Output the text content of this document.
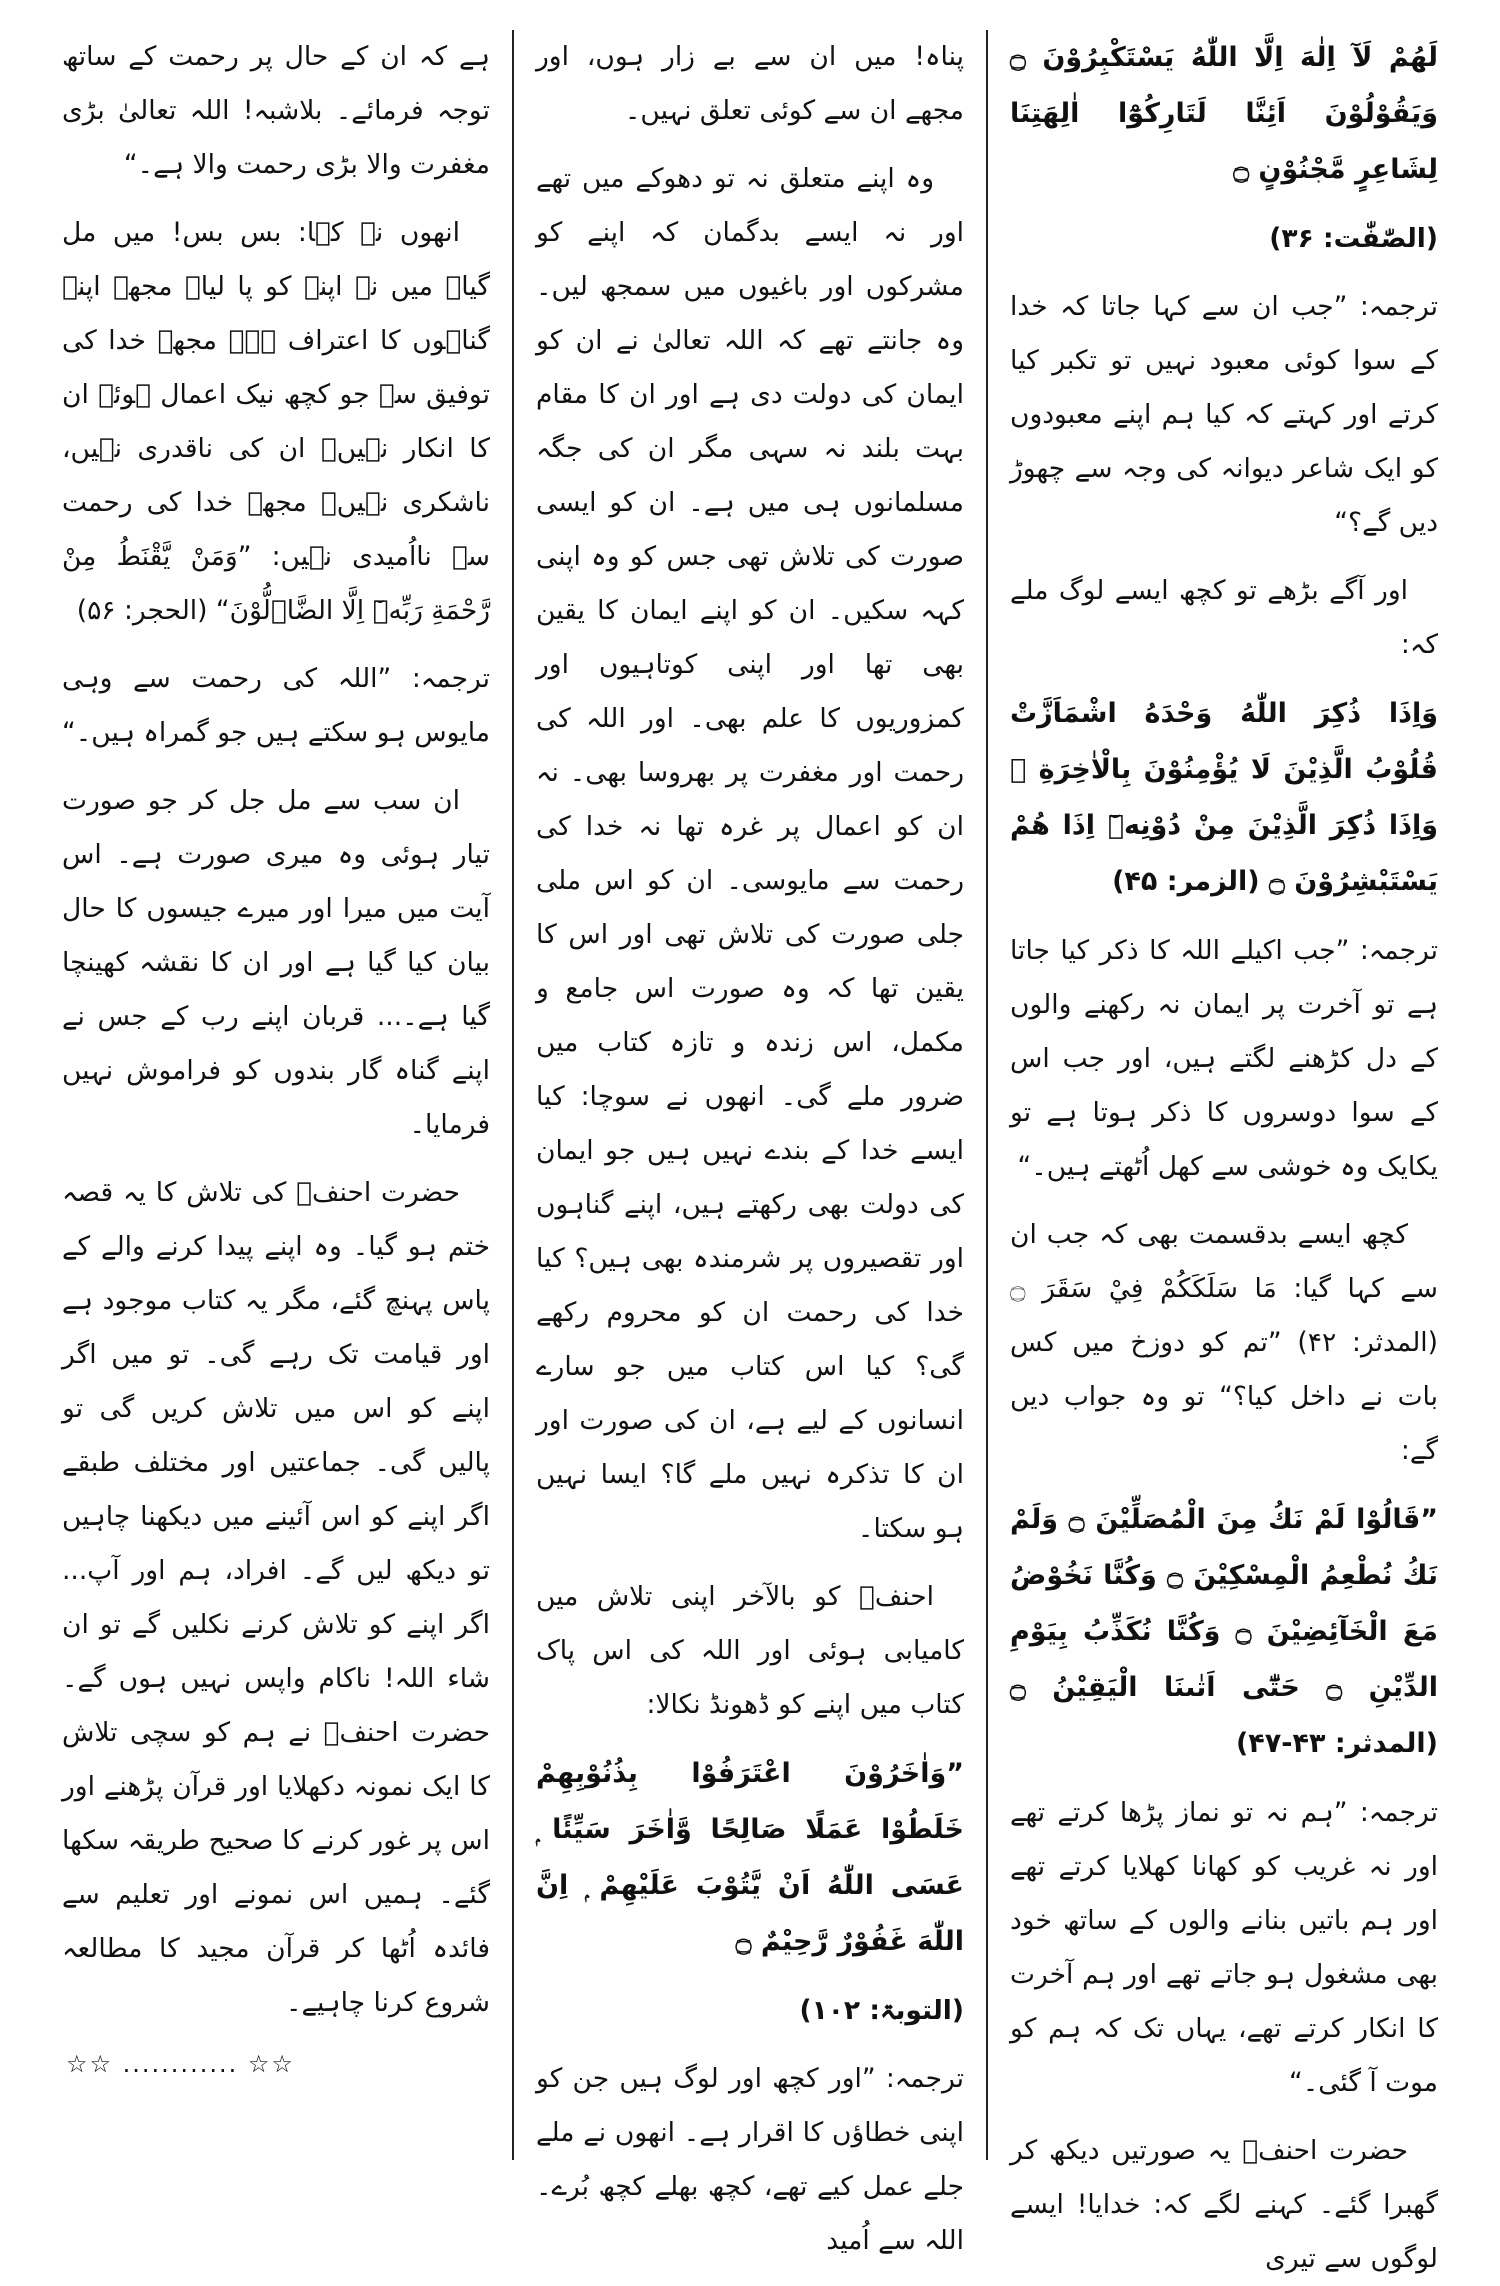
لَهُمْ لَآ اِلٰهَ اِلَّا اللّٰهُ يَسْتَكْبِرُوْنَ ۝ وَيَقُوْلُوْنَ اَئِنَّا لَتَارِكُوْٓا اٰلِهَتِنَا لِشَاعِرٍ مَّجْنُوْنٍ ۝

(الصّٰفّٰت: ۳۶)

ترجمہ: ”جب ان سے کہا جاتا کہ خدا کے سوا کوئی معبود نہیں تو تکبر کیا کرتے اور کہتے کہ کیا ہم اپنے معبودوں کو ایک شاعر دیوانہ کی وجہ سے چھوڑ دیں گے؟“

اور آگے بڑھے تو کچھ ایسے لوگ ملے کہ:

وَاِذَا ذُكِرَ اللّٰهُ وَحْدَهُ اشْمَاَزَّتْ قُلُوْبُ الَّذِيْنَ لَا يُؤْمِنُوْنَ بِالْاٰخِرَةِ ۚ وَاِذَا ذُكِرَ الَّذِيْنَ مِنْ دُوْنِهٖٓ اِذَا هُمْ يَسْتَبْشِرُوْنَ ۝ (الزمر: ۴۵)

ترجمہ: ”جب اکیلے اللہ کا ذکر کیا جاتا ہے تو آخرت پر ایمان نہ رکھنے والوں کے دل کڑھنے لگتے ہیں، اور جب اس کے سوا دوسروں کا ذکر ہوتا ہے تو یکایک وہ خوشی سے کھل اُٹھتے ہیں۔“

کچھ ایسے بدقسمت بھی کہ جب ان سے کہا گیا: مَا سَلَكَكُمْ فِيْ سَقَرَ ۝ (المدثر: ۴۲) ”تم کو دوزخ میں کس بات نے داخل کیا؟“ تو وہ جواب دیں گے:

”قَالُوْا لَمْ نَكُ مِنَ الْمُصَلِّيْنَ ۝ وَلَمْ نَكُ نُطْعِمُ الْمِسْكِيْنَ ۝ وَكُنَّا نَخُوْضُ مَعَ الْخَآئِضِيْنَ ۝ وَكُنَّا نُكَذِّبُ بِيَوْمِ الدِّيْنِ ۝ حَتّٰٓى اَتٰىنَا الْيَقِيْنُ ۝ (المدثر: ۴۳-۴۷)

ترجمہ: ”ہم نہ تو نماز پڑھا کرتے تھے اور نہ غریب کو کھانا کھلایا کرتے تھے اور ہم باتیں بنانے والوں کے ساتھ خود بھی مشغول ہو جاتے تھے اور ہم آخرت کا انکار کرتے تھے، یہاں تک کہ ہم کو موت آ گئی۔“

حضرت احنفؒ یہ صورتیں دیکھ کر گھبرا گئے۔ کہنے لگے کہ: خدایا! ایسے لوگوں سے تیری

پناہ! میں ان سے بے زار ہوں، اور مجھے ان سے کوئی تعلق نہیں۔

وہ اپنے متعلق نہ تو دھوکے میں تھے اور نہ ایسے بدگمان کہ اپنے کو مشرکوں اور باغیوں میں سمجھ لیں۔ وہ جانتے تھے کہ اللہ تعالیٰ نے ان کو ایمان کی دولت دی ہے اور ان کا مقام بہت بلند نہ سہی مگر ان کی جگہ مسلمانوں ہی میں ہے۔ ان کو ایسی صورت کی تلاش تھی جس کو وہ اپنی کہہ سکیں۔ ان کو اپنے ایمان کا یقین بھی تھا اور اپنی کوتاہیوں اور کمزوریوں کا علم بھی۔ اور اللہ کی رحمت اور مغفرت پر بھروسا بھی۔ نہ ان کو اعمال پر غرہ تھا نہ خدا کی رحمت سے مایوسی۔ ان کو اس ملی جلی صورت کی تلاش تھی اور اس کا یقین تھا کہ وہ صورت اس جامع و مکمل، اس زندہ و تازہ کتاب میں ضرور ملے گی۔ انھوں نے سوچا: کیا ایسے خدا کے بندے نہیں ہیں جو ایمان کی دولت بھی رکھتے ہیں، اپنے گناہوں اور تقصیروں پر شرمندہ بھی ہیں؟ کیا خدا کی رحمت ان کو محروم رکھے گی؟ کیا اس کتاب میں جو سارے انسانوں کے لیے ہے، ان کی صورت اور ان کا تذکرہ نہیں ملے گا؟ ایسا نہیں ہو سکتا۔

احنفؒ کو بالآخر اپنی تلاش میں کامیابی ہوئی اور اللہ کی اس پاک کتاب میں اپنے کو ڈھونڈ نکالا:

”وَاٰخَرُوْنَ اعْتَرَفُوْا بِذُنُوْبِهِمْ خَلَطُوْا عَمَلًا صَالِحًا وَّاٰخَرَ سَيِّئًا ۭ عَسَى اللّٰهُ اَنْ يَّتُوْبَ عَلَيْهِمْ ۭ اِنَّ اللّٰهَ غَفُوْرٌ رَّحِيْمٌ ۝

(التوبۃ: ۱۰۲)

ترجمہ: ”اور کچھ اور لوگ ہیں جن کو اپنی خطاؤں کا اقرار ہے۔ انھوں نے ملے جلے عمل کیے تھے، کچھ بھلے کچھ بُرے۔ اللہ سے اُمید

ہے کہ ان کے حال پر رحمت کے ساتھ توجہ فرمائے۔ بلاشبہ! اللہ تعالیٰ بڑی مغفرت والا بڑی رحمت والا ہے۔“

انھوں نے کہا: بس بس! میں مل گیا۔ میں نے اپنے کو پا لیا۔ مجھے اپنے گناہوں کا اعتراف ہے۔ مجھے خدا کی توفیق سے جو کچھ نیک اعمال ہوئے ان کا انکار نہیں۔ ان کی ناقدری نہیں، ناشکری نہیں۔ مجھے خدا کی رحمت سے نااُمیدی نہیں: ”وَمَنْ يَّقْنَطُ مِنْ رَّحْمَةِ رَبِّهٖٓ اِلَّا الضَّاۗلُّوْنَ“ (الحجر: ۵۶)

ترجمہ: ”اللہ کی رحمت سے وہی مایوس ہو سکتے ہیں جو گمراہ ہیں۔“

ان سب سے مل جل کر جو صورت تیار ہوئی وہ میری صورت ہے۔ اس آیت میں میرا اور میرے جیسوں کا حال بیان کیا گیا ہے اور ان کا نقشہ کھینچا گیا ہے۔... قربان اپنے رب کے جس نے اپنے گناہ گار بندوں کو فراموش نہیں فرمایا۔

حضرت احنفؒ کی تلاش کا یہ قصہ ختم ہو گیا۔ وہ اپنے پیدا کرنے والے کے پاس پہنچ گئے، مگر یہ کتاب موجود ہے اور قیامت تک رہے گی۔ تو میں اگر اپنے کو اس میں تلاش کریں گی تو پالیں گی۔ جماعتیں اور مختلف طبقے اگر اپنے کو اس آئینے میں دیکھنا چاہیں تو دیکھ لیں گے۔ افراد، ہم اور آپ... اگر اپنے کو تلاش کرنے نکلیں گے تو ان شاء اللہ! ناکام واپس نہیں ہوں گے۔ حضرت احنفؒ نے ہم کو سچی تلاش کا ایک نمونہ دکھلایا اور قرآن پڑھنے اور اس پر غور کرنے کا صحیح طریقہ سکھا گئے۔ ہمیں اس نمونے اور تعلیم سے فائدہ اُٹھا کر قرآن مجید کا مطالعہ شروع کرنا چاہیے۔

☆☆ ............ ☆☆
